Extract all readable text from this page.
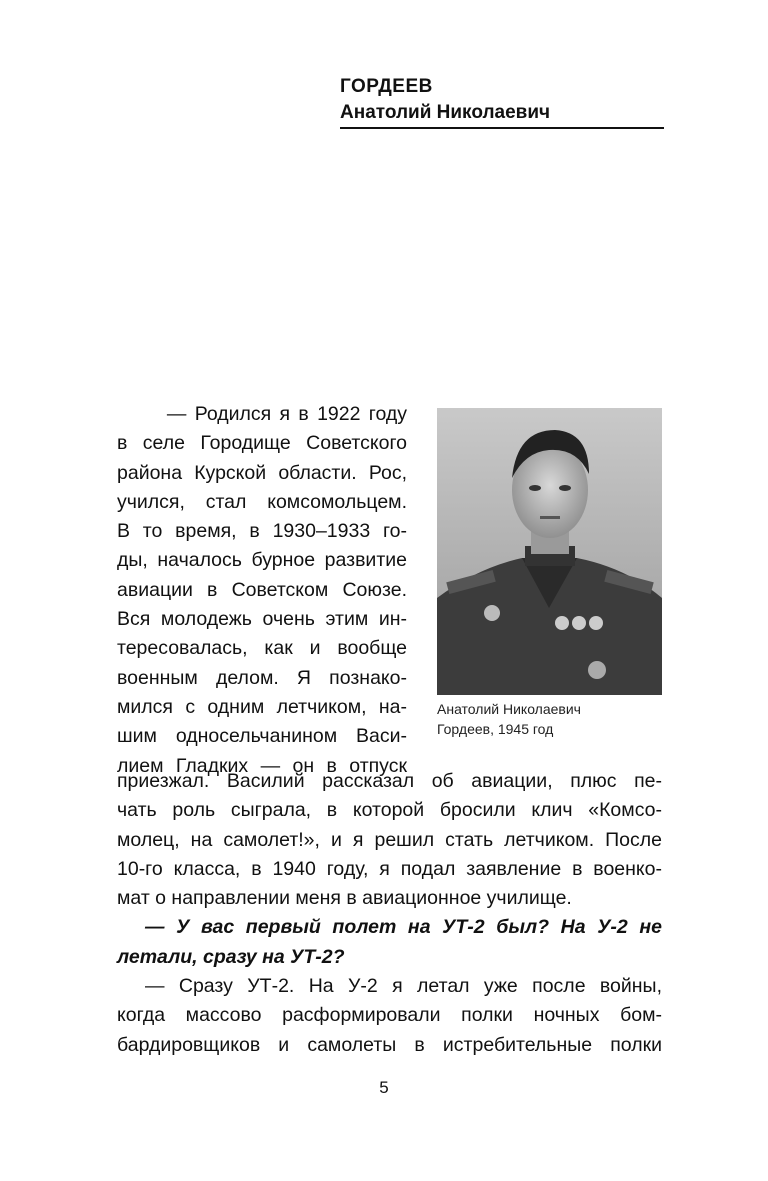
ГОРДЕЕВ
Анатолий Николаевич
Анатолий Николаевич
Гордеев, 1945 год
— Родился я в 1922 году
в селе Городище Советского
района Курской области. Рос,
учился, стал комсомольцем.
В то время, в 1930–1933 го-
ды, началось бурное развитие
авиации в Советском Союзе.
Вся молодежь очень этим ин-
тересовалась, как и вообще
военным делом. Я познако-
мился с одним летчиком, на-
шим односельчанином Васи-
лием Гладких — он в отпуск
приезжал. Василий рассказал об авиации, плюс пе-
чать роль сыграла, в которой бросили клич «Комсо-
молец, на самолет!», и я решил стать летчиком. После
10-го класса, в 1940 году, я подал заявление в военко-
мат о направлении меня в авиационное училище.
— У вас первый полет на УТ-2 был? На У-2 не
летали, сразу на УТ-2?
— Сразу УТ-2. На У-2 я летал уже после войны,
когда массово расформировали полки ночных бом-
бардировщиков и самолеты в истребительные полки
5
